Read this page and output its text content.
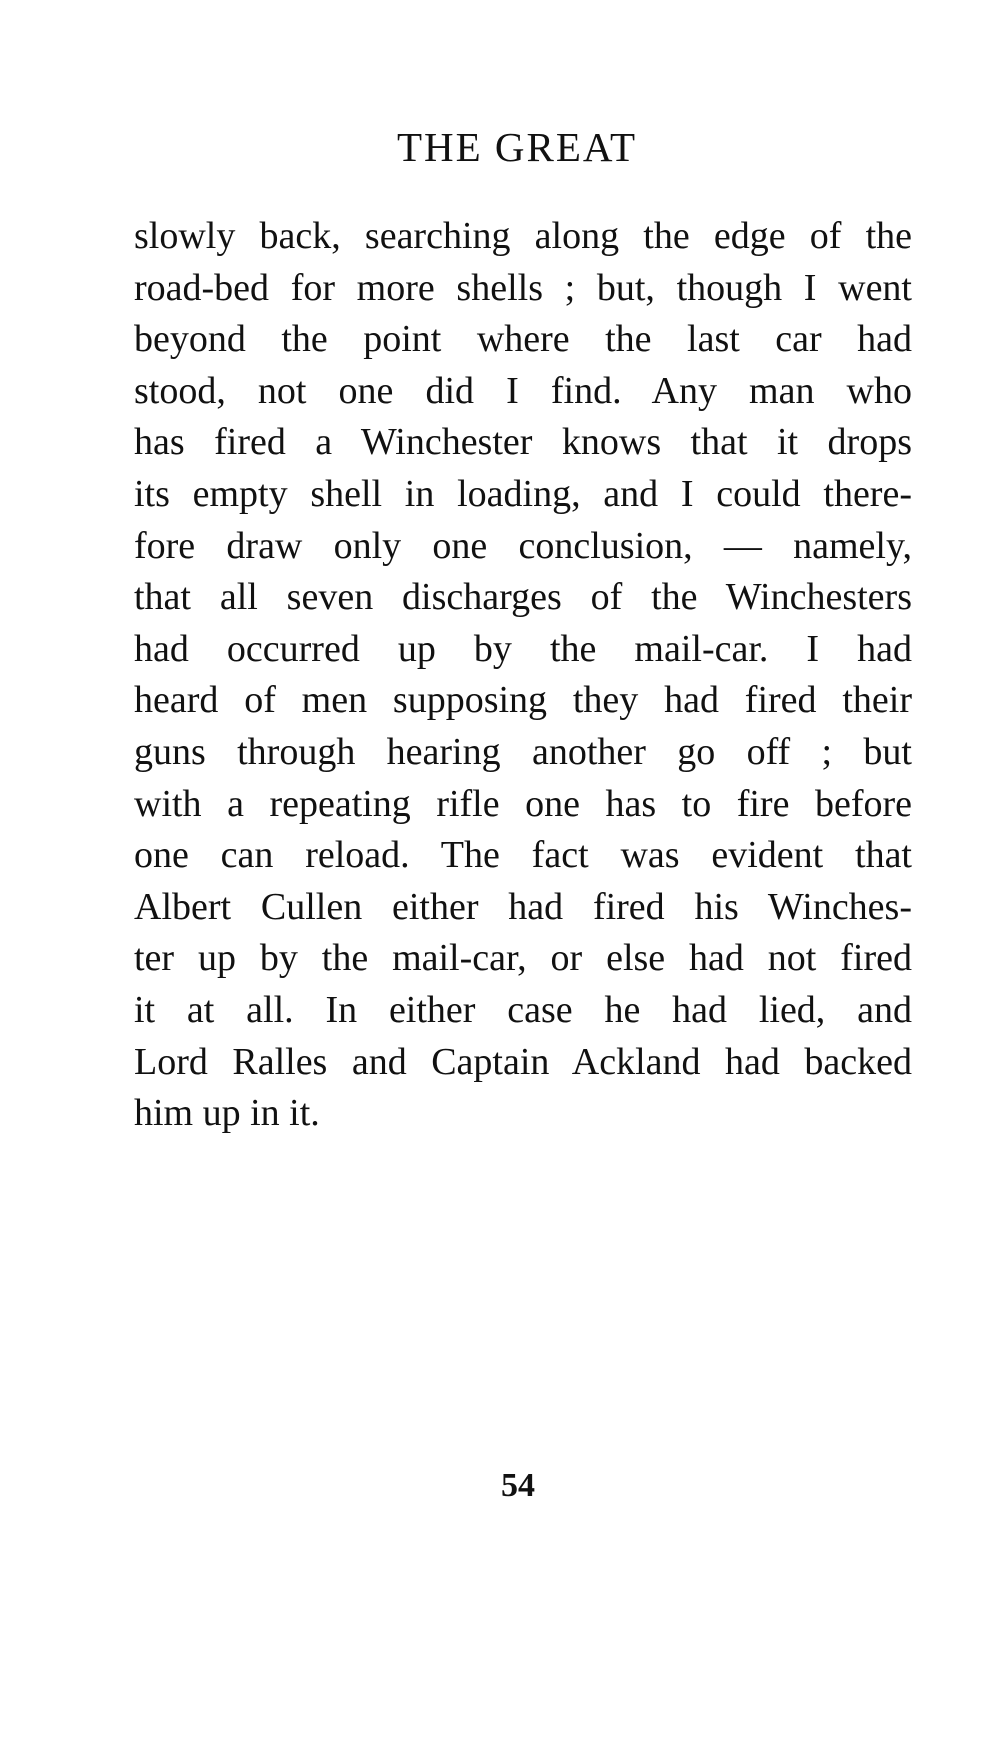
THE GREAT
slowly back, searching along the edge of the
road-bed for more shells ; but, though I went
beyond the point where the last car had
stood, not one did I find. Any man who
has fired a Winchester knows that it drops
its empty shell in loading, and I could there-
fore draw only one conclusion, — namely,
that all seven discharges of the Winchesters
had occurred up by the mail-car. I had
heard of men supposing they had fired their
guns through hearing another go off ; but
with a repeating rifle one has to fire before
one can reload. The fact was evident that
Albert Cullen either had fired his Winches-
ter up by the mail-car, or else had not fired
it at all. In either case he had lied, and
Lord Ralles and Captain Ackland had backed
him up in it.
54
